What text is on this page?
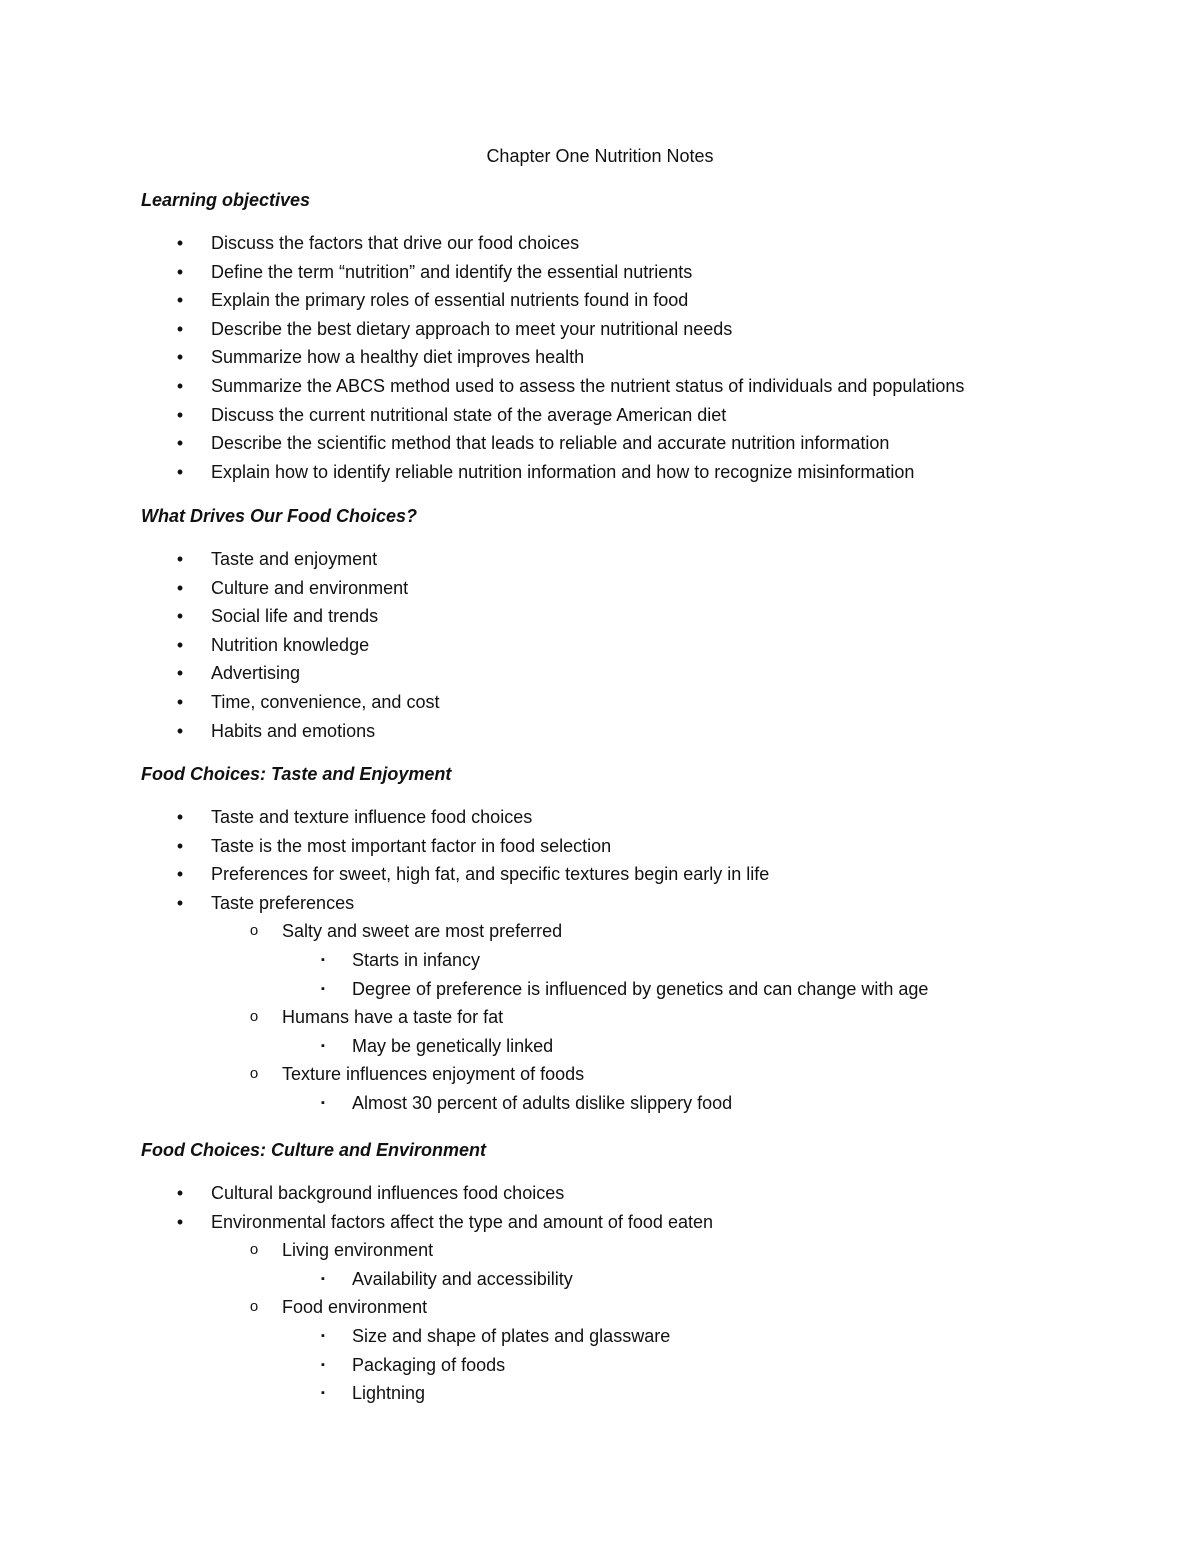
Chapter One Nutrition Notes
Learning objectives
• Discuss the factors that drive our food choices
• Define the term “nutrition” and identify the essential nutrients
• Explain the primary roles of essential nutrients found in food
• Describe the best dietary approach to meet your nutritional needs
• Summarize how a healthy diet improves health
• Summarize the ABCS method used to assess the nutrient status of individuals and populations
• Discuss the current nutritional state of the average American diet
• Describe the scientific method that leads to reliable and accurate nutrition information
• Explain how to identify reliable nutrition information and how to recognize misinformation
What Drives Our Food Choices?
• Taste and enjoyment
• Culture and environment
• Social life and trends
• Nutrition knowledge
• Advertising
• Time, convenience, and cost
• Habits and emotions
Food Choices: Taste and Enjoyment
• Taste and texture influence food choices
• Taste is the most important factor in food selection
• Preferences for sweet, high fat, and specific textures begin early in life
• Taste preferences
o Salty and sweet are most preferred
▪	Starts in infancy
▪	Degree of preference is influenced by genetics and can change with age
o Humans have a taste for fat
▪	May be genetically linked
o Texture influences enjoyment of foods
▪	Almost 30 percent of adults dislike slippery food
Food Choices: Culture and Environment
• Cultural background influences food choices
• Environmental factors affect the type and amount of food eaten
o Living environment
▪	Availability and accessibility
o Food environment
▪	Size and shape of plates and glassware
▪	Packaging of foods
▪	Lightning
